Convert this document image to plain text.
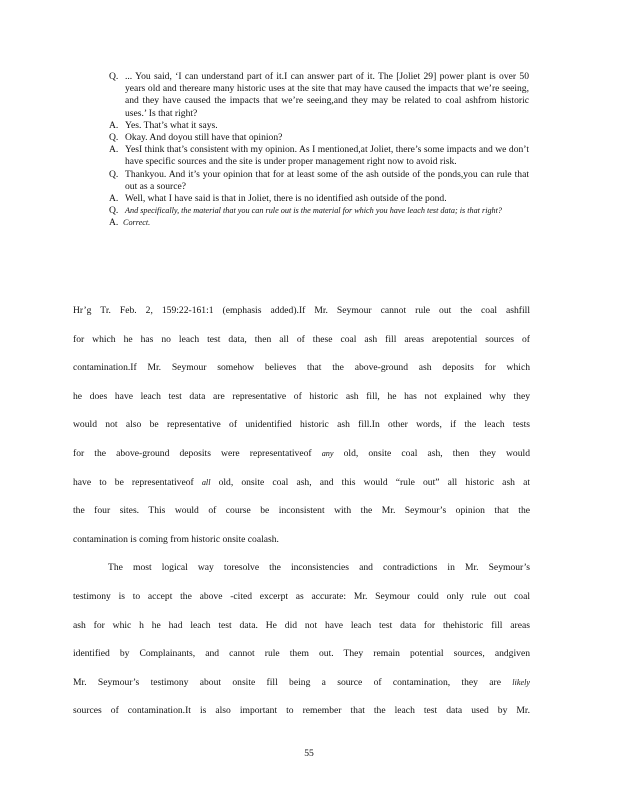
Q. ... You said, ‘I can understand part of it.I can answer part of it. The [Joliet 29] power plant is over 50 years old and thereare many historic uses at the site that may have caused the impacts that we’re seeing, and they have caused the impacts that we’re seeing,and they may be related to coal ashfrom historic uses.’ Is that right?
A. Yes. That’s what it says.
Q. Okay. And doyou still have that opinion?
A. YesI think that’s consistent with my opinion. As I mentioned,at Joliet, there’s some impacts and we don’t have specific sources and the site is under proper management right now to avoid risk.
Q. Thankyou. And it’s your opinion that for at least some of the ash outside of the ponds,you can rule that out as a source?
A. Well, what I have said is that in Joliet, there is no identified ash outside of the pond.
Q. And specifically, the material that you can rule out is the material for which you have leach test data; is that right?
A. Correct.
Hr’g Tr. Feb. 2, 159:22-161:1 (emphasis added).If Mr. Seymour cannot rule out the coal ashfill
for which he has no leach test data, then all of these coal ash fill areas arepotential sources of
contamination.If Mr. Seymour somehow believes that the above-ground ash deposits for which
he does have leach test data are representative of historic ash fill, he has not explained why they
would not also be representative of unidentified historic ash fill.In other words, if the leach tests
for the above-ground deposits were representativeof any old, onsite coal ash, then they would
have to be representativeof all old, onsite coal ash, and this would “rule out” all historic ash at
the four sites. This would of course be inconsistent with the Mr. Seymour’s opinion that the
contamination is coming from historic onsite coalash.
The most logical way toresolve the inconsistencies and contradictions in Mr. Seymour’s
testimony is to accept the above -cited excerpt as accurate: Mr. Seymour could only rule out coal
ash for whic h he had leach test data. He did not have leach test data for thehistoric fill areas
identified by Complainants, and cannot rule them out. They remain potential sources, andgiven
Mr. Seymour’s testimony about onsite fill being a source of contamination, they are likely
sources of contamination.It is also important to remember that the leach test data used by Mr.
55
